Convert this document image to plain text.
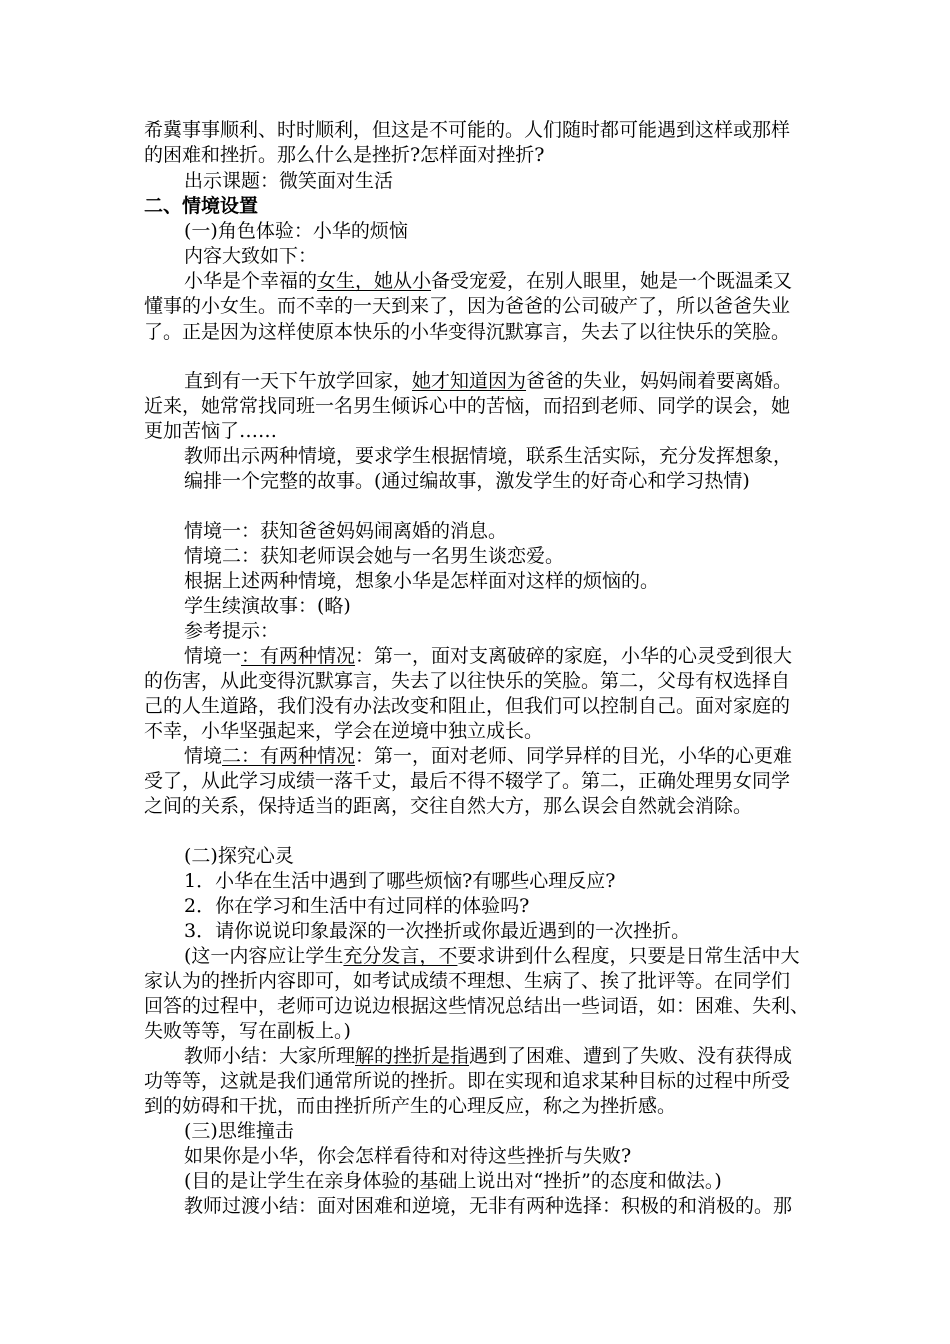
希冀事事顺利、时时顺利，但这是不可能的。人们随时都可能遇到这样或那样
的困难和挫折。那么什么是挫折?怎样面对挫折?
出示课题：微笑面对生活
二、情境设置
(一)角色体验：小华的烦恼
内容大致如下：
小华是个幸福的女生，她从小备受宠爱，在别人眼里，她是一个既温柔又
懂事的小女生。而不幸的一天到来了，因为爸爸的公司破产了，所以爸爸失业
了。正是因为这样使原本快乐的小华变得沉默寡言，失去了以往快乐的笑脸。
直到有一天下午放学回家，她才知道因为爸爸的失业，妈妈闹着要离婚。
近来，她常常找同班一名男生倾诉心中的苦恼，而招到老师、同学的误会，她
更加苦恼了……
教师出示两种情境，要求学生根据情境，联系生活实际，充分发挥想象，
编排一个完整的故事。(通过编故事，激发学生的好奇心和学习热情)
情境一：获知爸爸妈妈闹离婚的消息。
情境二：获知老师误会她与一名男生谈恋爱。
根据上述两种情境，想象小华是怎样面对这样的烦恼的。
学生续演故事：(略)
参考提示：
情境一：有两种情况：第一，面对支离破碎的家庭，小华的心灵受到很大
的伤害，从此变得沉默寡言，失去了以往快乐的笑脸。第二，父母有权选择自
己的人生道路，我们没有办法改变和阻止，但我们可以控制自己。面对家庭的
不幸，小华坚强起来，学会在逆境中独立成长。
情境二：有两种情况：第一，面对老师、同学异样的目光，小华的心更难
受了，从此学习成绩一落千丈，最后不得不辍学了。第二，正确处理男女同学
之间的关系，保持适当的距离，交往自然大方，那么误会自然就会消除。
(二)探究心灵
1．小华在生活中遇到了哪些烦恼?有哪些心理反应?
2．你在学习和生活中有过同样的体验吗?
3．请你说说印象最深的一次挫折或你最近遇到的一次挫折。
(这一内容应让学生充分发言，不要求讲到什么程度，只要是日常生活中大
家认为的挫折内容即可，如考试成绩不理想、生病了、挨了批评等。在同学们
回答的过程中，老师可边说边根据这些情况总结出一些词语，如：困难、失利、
失败等等，写在副板上。)
教师小结：大家所理解的挫折是指遇到了困难、遭到了失败、没有获得成
功等等，这就是我们通常所说的挫折。即在实现和追求某种目标的过程中所受
到的妨碍和干扰，而由挫折所产生的心理反应，称之为挫折感。
(三)思维撞击
如果你是小华，你会怎样看待和对待这些挫折与失败?
(目的是让学生在亲身体验的基础上说出对“挫折”的态度和做法。)
教师过渡小结：面对困难和逆境，无非有两种选择：积极的和消极的。那
